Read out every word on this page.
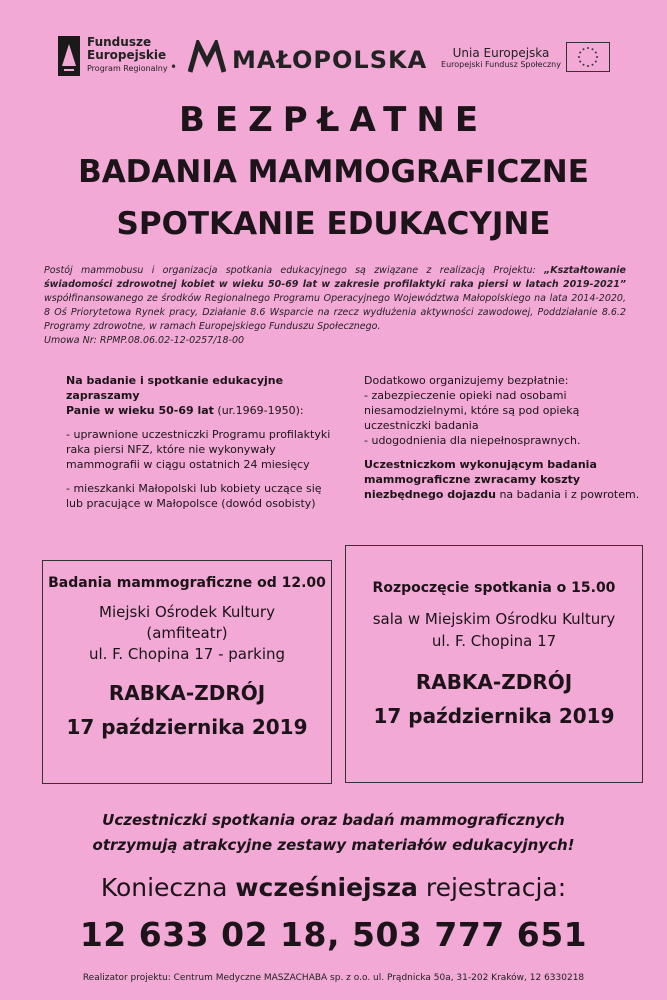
Fundusze
Europejskie
Program Regionalny • MAŁOPOLSKA	Unia Europejska
Europejski Fundusz Społeczny
BEZPŁATNE
BADANIA MAMMOGRAFICZNE
SPOTKANIE EDUKACYJNE
Postój mammobusu i organizacja spotkania edukacyjnego są związane z realizacją Projektu: „Kształtowanie świadomości zdrowotnej kobiet w wieku 50-69 lat w zakresie profilaktyki raka piersi w latach 2019-2021” współfinansowanego ze środków Regionalnego Programu Operacyjnego Województwa Małopolskiego na lata 2014-2020, 8 Oś Priorytetowa Rynek pracy, Działanie 8.6 Wsparcie na rzecz wydłużenia aktywności zawodowej, Poddziałanie 8.6.2 Programy zdrowotne, w ramach Europejskiego Funduszu Społecznego.
Umowa Nr: RPMP.08.06.02-12-0257/18-00
Na badanie i spotkanie edukacyjne zapraszamy
Panie w wieku 50-69 lat (ur.1969-1950):
- uprawnione uczestniczki Programu profilaktyki raka piersi NFZ, które nie wykonywały mammografii w ciągu ostatnich 24 miesięcy
- mieszkanki Małopolski lub kobiety uczące się lub pracujące w Małopolsce (dowód osobisty)
Dodatkowo organizujemy bezpłatnie:
- zabezpieczenie opieki nad osobami niesamodzielnymi, które są pod opieką uczestniczki badania
- udogodnienia dla niepełnosprawnych.
Uczestniczkom wykonującym badania mammograficzne zwracamy koszty niezbędnego dojazdu na badania i z powrotem.
Badania mammograficzne od 12.00
Miejski Ośrodek Kultury
(amfiteatr)
ul. F. Chopina 17 - parking
RABKA-ZDRÓJ
17 października 2019
Rozpoczęcie spotkania o 15.00
sala w Miejskim Ośrodku Kultury
ul. F. Chopina 17
RABKA-ZDRÓJ
17 października 2019
Uczestniczki spotkania oraz badań mammograficznych
otrzymują atrakcyjne zestawy materiałów edukacyjnych!
Konieczna wcześniejsza rejestracja:
12 633 02 18, 503 777 651
Realizator projektu: Centrum Medyczne MASZACHABA sp. z o.o. ul. Prądnicka 50a, 31-202 Kraków, 12 6330218
